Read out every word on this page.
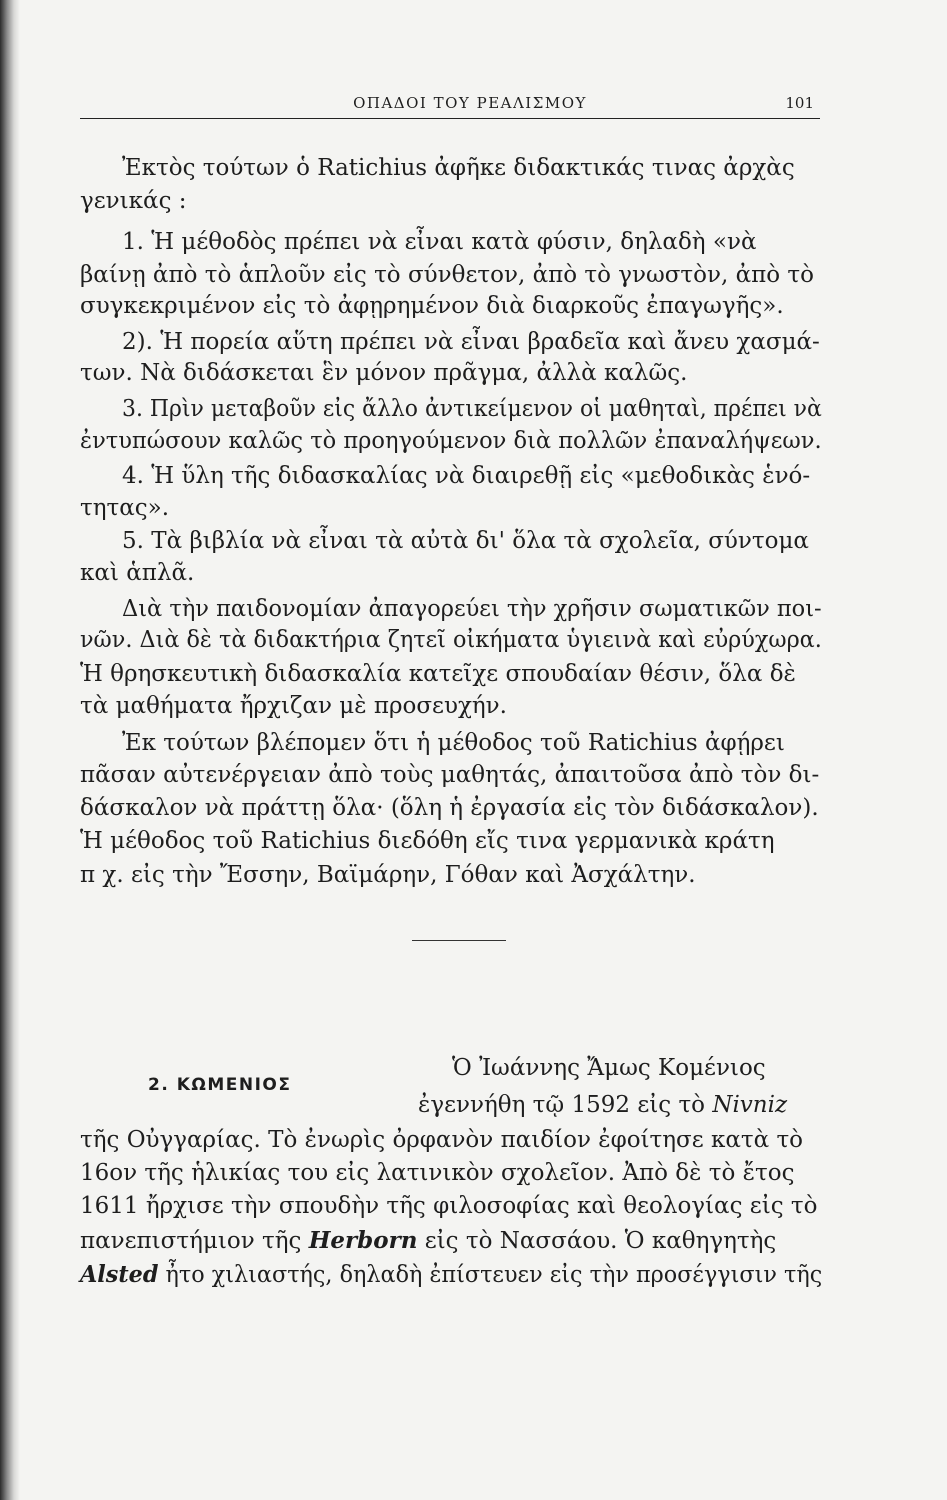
ΟΠΑΔΟΙ ΤΟΥ ΡΕΑΛΙΣΜΟΥ	101
Ἐκτὸς τούτων ὁ Ratichius ἀφῆκε διδακτικάς τινας ἀρχὰς
γενικάς :
1. Ἡ μέθοδὸς πρέπει νὰ εἶναι κατὰ φύσιν, δηλαδὴ «νὰ
βαίνῃ ἀπὸ τὸ ἁπλοῦν εἰς τὸ σύνθετον, ἀπὸ τὸ γνωστὸν, ἀπὸ τὸ
συγκεκριμένον εἰς τὸ ἀφῃρημένον διὰ διαρκοῦς ἐπαγωγῆς».
2). Ἡ πορεία αὕτη πρέπει νὰ εἶναι βραδεῖα καὶ ἄνευ χασμά-
των. Νὰ διδάσκεται ἓν μόνον πρᾶγμα, ἀλλὰ καλῶς.
3. Πρὶν μεταβοῦν εἰς ἄλλο ἀντικείμενον οἱ μαθηταὶ, πρέπει νὰ
ἐντυπώσουν καλῶς τὸ προηγούμενον διὰ πολλῶν ἐπαναλήψεων.
4. Ἡ ὕλη τῆς διδασκαλίας νὰ διαιρεθῇ εἰς «μεθοδικὰς ἑνό-
τητας».
5. Τὰ βιβλία νὰ εἶναι τὰ αὐτὰ δι' ὅλα τὰ σχολεῖα, σύντομα
καὶ ἁπλᾶ.
Διὰ τὴν παιδονομίαν ἀπαγορεύει τὴν χρῆσιν σωματικῶν ποι-
νῶν. Διὰ δὲ τὰ διδακτήρια ζητεῖ οἰκήματα ὑγιεινὰ καὶ εὐρύχωρα.
Ἡ θρησκευτικὴ διδασκαλία κατεῖχε σπουδαίαν θέσιν, ὅλα δὲ
τὰ μαθήματα ἤρχιζαν μὲ προσευχήν.
Ἐκ τούτων βλέπομεν ὅτι ἡ μέθοδος τοῦ Ratichius ἀφῄρει
πᾶσαν αὐτενέργειαν ἀπὸ τοὺς μαθητάς, ἀπαιτοῦσα ἀπὸ τὸν δι-
δάσκαλον νὰ πράττῃ ὅλα· (ὅλη ἡ ἐργασία εἰς τὸν διδάσκαλον).
Ἡ μέθοδος τοῦ Ratichius διεδόθη εἴς τινα γερμανικὰ κράτη
π χ. εἰς τὴν Ἔσσην, Βαϊμάρην, Γόθαν καὶ Ἀσχάλτην.
2. ΚΩΜΕΝΙΟΣ
Ὁ Ἰωάννης Ἄμως Κομένιος
ἐγεννήθη τῷ 1592 εἰς τὸ Nivniz
τῆς Οὐγγαρίας. Τὸ ἐνωρὶς ὀρφανὸν παιδίον ἐφοίτησε κατὰ τὸ
16ον τῆς ἡλικίας του εἰς λατινικὸν σχολεῖον. Ἀπὸ δὲ τὸ ἔτος
1611 ἤρχισε τὴν σπουδὴν τῆς φιλοσοφίας καὶ θεολογίας εἰς τὸ
πανεπιστήμιον τῆς Herborn εἰς τὸ Νασσάου. Ὁ καθηγητὴς
Alsted ἦτο χιλιαστής, δηλαδὴ ἐπίστευεν εἰς τὴν προσέγγισιν τῆς
